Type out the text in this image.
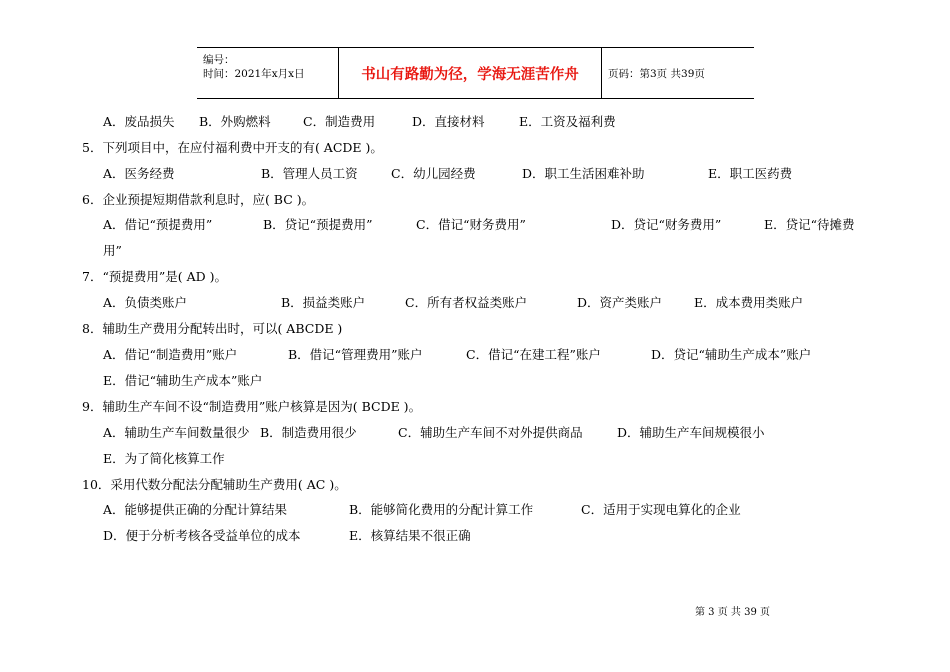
编号：
时间：2021年x月x日	书山有路勤为径，学海无涯苦作舟	页码：第3页 共39页
A．废品损失 B．外购燃料	C．制造费用	D．直接材料	E．工资及福利费
5．下列项目中，在应付福利费中开支的有( ACDE )。
A．医务经费	B．管理人员工资	C．幼儿园经费	D．职工生活困难补助	E．职工医药费
6．企业预提短期借款利息时，应( BC )。
A．借记“预提费用”	B．贷记“预提费用”	C．借记“财务费用”	D．贷记“财务费用”	E．贷记“待摊费
用”
7．“预提费用”是( AD )。
A．负债类账户	B．损益类账户	C．所有者权益类账户	D．资产类账户	E．成本费用类账户
8．辅助生产费用分配转出时，可以( ABCDE )
A．借记“制造费用”账户	B．借记“管理费用”账户	C．借记“在建工程”账户	D．贷记“辅助生产成本”账户
E．借记“辅助生产成本”账户
9．辅助生产车间不设“制造费用”账户核算是因为( BCDE )。
A．辅助生产车间数量很少 B．制造费用很少	C．辅助生产车间不对外提供商品	D．辅助生产车间规模很小
E．为了简化核算工作
10．采用代数分配法分配辅助生产费用( AC )。
A．能够提供正确的分配计算结果	B．能够简化费用的分配计算工作	C．适用于实现电算化的企业
D．便于分析考核各受益单位的成本	E．核算结果不很正确
第 3 页 共 39 页
